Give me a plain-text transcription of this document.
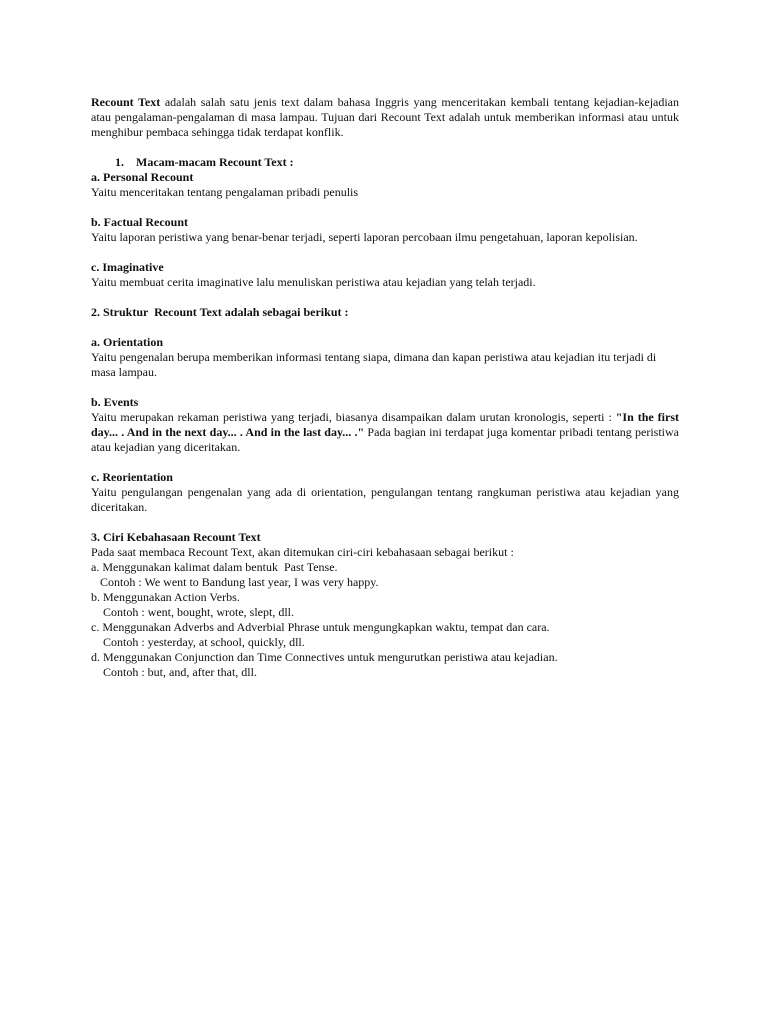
Recount Text adalah salah satu jenis text dalam bahasa Inggris yang menceritakan kembali tentang kejadian-kejadian atau pengalaman-pengalaman di masa lampau. Tujuan dari Recount Text adalah untuk memberikan informasi atau untuk menghibur pembaca sehingga tidak terdapat konflik.

1.    Macam-macam Recount Text :

a. Personal Recount

Yaitu menceritakan tentang pengalaman pribadi penulis

b. Factual Recount

Yaitu laporan peristiwa yang benar-benar terjadi, seperti laporan percobaan ilmu pengetahuan, laporan kepolisian.

c. Imaginative

Yaitu membuat cerita imaginative lalu menuliskan peristiwa atau kejadian yang telah terjadi.

2. Struktur  Recount Text adalah sebagai berikut :

a. Orientation

Yaitu pengenalan berupa memberikan informasi tentang siapa, dimana dan kapan peristiwa atau kejadian itu terjadi di masa lampau.

b. Events

Yaitu merupakan rekaman peristiwa yang terjadi, biasanya disampaikan dalam urutan kronologis, seperti : "In the first day... . And in the next day... . And in the last day... ." Pada bagian ini terdapat juga komentar pribadi tentang peristiwa atau kejadian yang diceritakan.

c. Reorientation

Yaitu pengulangan pengenalan yang ada di orientation, pengulangan tentang rangkuman peristiwa atau kejadian yang diceritakan.

3. Ciri Kebahasaan Recount Text

Pada saat membaca Recount Text, akan ditemukan ciri-ciri kebahasaan sebagai berikut :

a. Menggunakan kalimat dalam bentuk  Past Tense.

Contoh : We went to Bandung last year, I was very happy.

b. Menggunakan Action Verbs.

Contoh : went, bought, wrote, slept, dll.

c. Menggunakan Adverbs and Adverbial Phrase untuk mengungkapkan waktu, tempat dan cara.

Contoh : yesterday, at school, quickly, dll.

d. Menggunakan Conjunction dan Time Connectives untuk mengurutkan peristiwa atau kejadian.

Contoh : but, and, after that, dll.
